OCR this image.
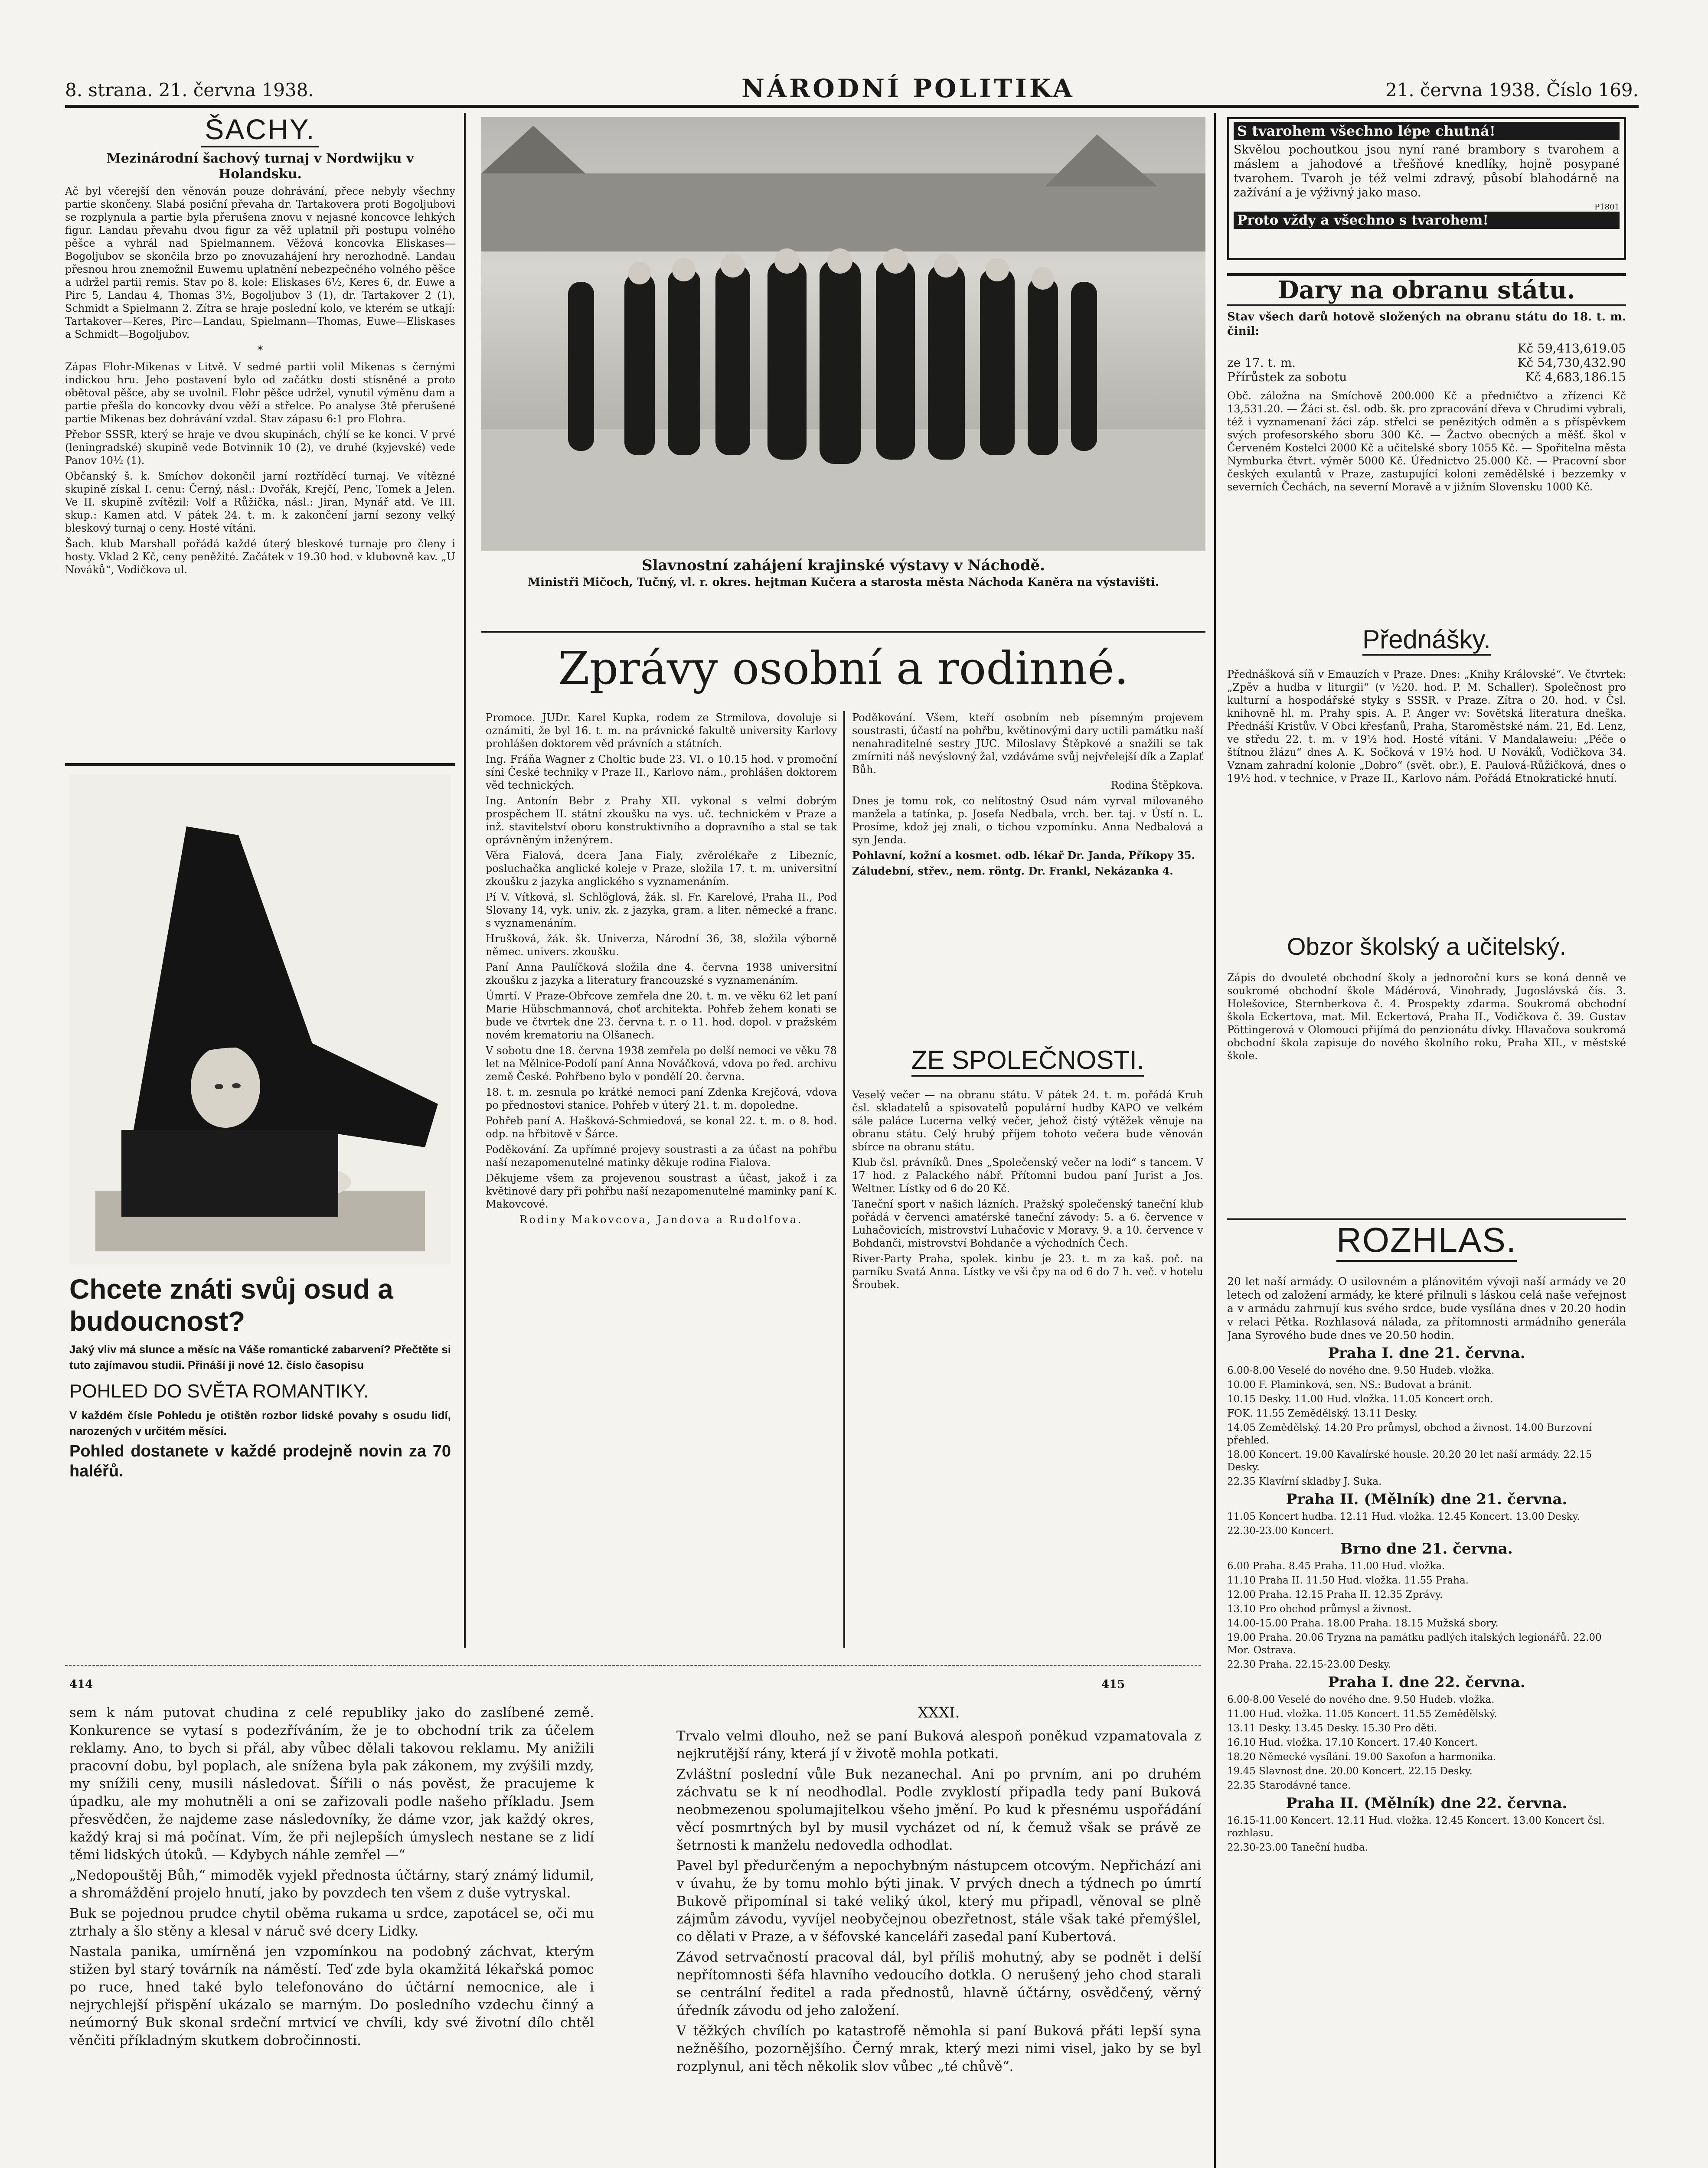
8. strana. 21. června 1938.	NÁRODNÍ POLITIKA	21. června 1938. Číslo 169.
ŠACHY.

Mezinárodní šachový turnaj v Nordwijku v Holandsku.

Ač byl včerejší den věnován pouze dohrávání, přece nebyly všechny partie skončeny. Slabá posiční převaha dr. Tartakovera proti Bogoljubovi se rozplynula a partie byla přerušena znovu v nejasné koncovce lehkých figur. Landau převahu dvou figur za věž uplatnil při postupu volného pěšce a vyhrál nad Spielmannem. Věžová koncovka Eliskases—Bogoljubov se skončila brzo po znovuzahájení hry nerozhodně. Landau přesnou hrou znemožnil Euwemu uplatnění nebezpečného volného pěšce a udržel partii remis. Stav po 8. kole: Eliskases 6½, Keres 6, dr. Euwe a Pirc 5, Landau 4, Thomas 3½, Bogoljubov 3 (1), dr. Tartakover 2 (1), Schmidt a Spielmann 2. Zítra se hraje poslední kolo, ve kterém se utkají: Tartakover—Keres, Pirc—Landau, Spielmann—Thomas, Euwe—Eliskases a Schmidt—Bogoljubov.

*

Zápas Flohr-Mikenas v Litvě. V sedmé partii volil Mikenas s černými indickou hru. Jeho postavení bylo od začátku dosti stísněné a proto obětoval pěšce, aby se uvolnil. Flohr pěšce udržel, vynutil výměnu dam a partie přešla do koncovky dvou věží a střelce. Po analyse 3tě přerušené partie Mikenas bez dohrávání vzdal. Stav zápasu 6:1 pro Flohra.

Přebor SSSR, který se hraje ve dvou skupinách, chýlí se ke konci. V prvé (leningradské) skupině vede Botvinnik 10 (2), ve druhé (kyjevské) vede Panov 10½ (1).

Občanský š. k. Smíchov dokončil jarní roztříděcí turnaj. Ve vítězné skupině získal I. cenu: Černý, násl.: Dvořák, Krejčí, Penc, Tomek a Jelen. Ve II. skupině zvítězil: Volf a Růžička, násl.: Jiran, Mynář atd. Ve III. skup.: Kamen atd. V pátek 24. t. m. k zakončení jarní sezony velký bleskový turnaj o ceny. Hosté vítáni.

Šach. klub Marshall pořádá každé úterý bleskové turnaje pro členy i hosty. Vklad 2 Kč, ceny peněžité. Začátek v 19.30 hod. v klubovně kav. „U Nováků“, Vodičkova ul.

Chcete znáti svůj osud a budoucnost?

Jaký vliv má slunce a měsíc na Váše romantické zabarvení? Přečtěte si tuto zajímavou studii. Přináší ji nové 12. číslo časopisu

POHLED DO SVĚTA ROMANTIKY.

V každém čísle Pohledu je otištěn rozbor lidské povahy s osudu lidí, narozených v určitém měsíci.

Pohled dostanete v každé prodejně novin za 70 haléřů.

Slavnostní zahájení krajinské výstavy v Náchodě.
Ministři Mičoch, Tučný, vl. r. okres. hejtman Kučera a starosta města Náchoda Kaněra na výstavišti.
Zprávy osobní a rodinné.

Promoce. JUDr. Karel Kupka, rodem ze Strmilova, dovoluje si oznámiti, že byl 16. t. m. na právnické fakultě university Karlovy prohlášen doktorem věd právních a státních.

Ing. Fráňa Wagner z Choltic bude 23. VI. o 10.15 hod. v promoční síni České techniky v Praze II., Karlovo nám., prohlášen doktorem věd technických.

Ing. Antonín Bebr z Prahy XII. vykonal s velmi dobrým prospěchem II. státní zkoušku na vys. uč. technickém v Praze a inž. stavitelství oboru konstruktivního a dopravního a stal se tak oprávněným inženýrem.

Věra Fialová, dcera Jana Fialy, zvěrolékaře z Libezníc, posluchačka anglické koleje v Praze, složila 17. t. m. universitní zkoušku z jazyka anglického s vyznamenáním.

Pí V. Vítková, sl. Schlöglová, žák. sl. Fr. Karelové, Praha II., Pod Slovany 14, vyk. univ. zk. z jazyka, gram. a liter. německé a franc. s vyznamenáním.

Hrušková, žák. šk. Univerza, Národní 36, 38, složila výborně němec. univers. zkoušku.

Paní Anna Paulíčková složila dne 4. června 1938 universitní zkoušku z jazyka a literatury francouzské s vyznamenáním.

Úmrtí. V Praze-Obřcove zemřela dne 20. t. m. ve věku 62 let paní Marie Hübschmannová, choť architekta. Pohřeb žehem konati se bude ve čtvrtek dne 23. června t. r. o 11. hod. dopol. v pražském novém krematoriu na Olšanech.

V sobotu dne 18. června 1938 zemřela po delší nemoci ve věku 78 let na Mělnice-Podolí paní Anna Nováčková, vdova po řed. archivu země České. Pohřbeno bylo v pondělí 20. června.

18. t. m. zesnula po krátké nemoci paní Zdenka Krejčová, vdova po přednostovi stanice. Pohřeb v úterý 21. t. m. dopoledne.

Pohřeb paní A. Hašková-Schmiedová, se konal 22. t. m. o 8. hod. odp. na hřbitově v Šárce.

Poděkování. Za upřímné projevy soustrasti a za účast na pohřbu naší nezapomenutelné matinky děkuje rodina Fialova.

Děkujeme všem za projevenou soustrast a účast, jakož i za květinové dary při pohřbu naší nezapomenutelné maminky paní K. Makovcové.

Rodiny Makovcova, Jandova a Rudolfova.

Poděkování. Všem, kteří osobním neb písemným projevem soustrasti, účastí na pohřbu, květinovými dary uctili památku naší nenahraditelné sestry JUC. Miloslavy Štěpkové a snažili se tak zmírniti náš nevýslovný žal, vzdáváme svůj nejvřelejší dík a Zaplať Bůh.

Rodina Štěpkova.

Dnes je tomu rok, co nelítostný Osud nám vyrval milovaného manžela a tatínka, p. Josefa Nedbala, vrch. ber. taj. v Ústí n. L. Prosíme, kdož jej znali, o tichou vzpomínku. Anna Nedbalová a syn Jenda.

Pohlavní, kožní a kosmet. odb. lékař Dr. Janda, Příkopy 35.

Záludební, střev., nem. röntg. Dr. Frankl, Nekázanka 4.

ZE SPOLEČNOSTI.

Veselý večer — na obranu státu. V pátek 24. t. m. pořádá Kruh čsl. skladatelů a spisovatelů populární hudby KAPO ve velkém sále paláce Lucerna velký večer, jehož čistý výtěžek věnuje na obranu státu. Celý hrubý příjem tohoto večera bude věnován sbírce na obranu státu.

Klub čsl. právníků. Dnes „Společenský večer na lodi“ s tancem. V 17 hod. z Palackého nábř. Přítomni budou paní Jurist a Jos. Weltner. Lístky od 6 do 20 Kč.

Taneční sport v našich lázních. Pražský společenský taneční klub pořádá v červenci amatérské taneční závody: 5. a 6. července v Luhačovicích, mistrovství Luhačovic v Moravy. 9. a 10. července v Bohdanči, mistrovství Bohdanče a východních Čech.

River-Party Praha, spolek. kinbu je 23. t. m za kaš. poč. na parníku Svatá Anna. Lístky ve vši čpy na od 6 do 7 h. več. v hotelu Šroubek.

S tvarohem všechno lépe chutná!

Skvělou pochoutkou jsou nyní rané brambory s tvarohem a máslem a jahodové a třešňové knedlíky, hojně posypané tvarohem. Tvaroh je též velmi zdravý, působí blahodárně na zažívání a je výživný jako maso.

P1801
Proto vždy a všechno s tvarohem!
Dary na obranu státu.

Stav všech darů hotově složených na obranu státu do 18. t. m. činil:

Kč 59,413,619.05
ze 17. t. m.	Kč 54,730,432.90
Přírůstek za sobotu	Kč 4,683,186.15

Obč. záložna na Smíchově 200.000 Kč a předničtvo a zřízenci Kč 13,531.20. — Žáci st. čsl. odb. šk. pro zpracování dřeva v Chrudimi vybrali, též i vyznamenaní žáci záp. střelci se penězitých odměn a s příspěvkem svých profesorského sboru 300 Kč. — Žactvo obecných a měšť. škol v Červeném Kostelci 2000 Kč a učitelské sbory 1055 Kč. — Spořitelna města Nymburka čtvrt. výměr 5000 Kč. Úřednictvo 25.000 Kč. — Pracovní sbor českých exulantů v Praze, zastupující koloni zemědělské i bezzemky v severních Čechách, na severní Moravě a v jižním Slovensku 1000 Kč.

Přednášky.

Přednášková síň v Emauzích v Praze. Dnes: „Knihy Královské“. Ve čtvrtek: „Zpěv a hudba v liturgii“ (v ½20. hod. P. M. Schaller). Společnost pro kulturní a hospodářské styky s SSSR. v Praze. Zítra o 20. hod. v Čsl. knihovně hl. m. Prahy spis. A. P. Anger vv: Sovětská literatura dneška. Přednáší Kristův. V Obci křesťanů, Praha, Staroměstské nám. 21, Ed. Lenz, ve středu 22. t. m. v 19½ hod. Hosté vítáni. V Mandalaweiu: „Péče o štítnou žlázu“ dnes A. K. Sočková v 19½ hod. U Nováků, Vodičkova 34. Vznam zahradní kolonie „Dobro“ (svět. obr.), E. Paulová-Růžičková, dnes o 19½ hod. v technice, v Praze II., Karlovo nám. Pořádá Etnokratické hnutí.

Obzor školský a učitelský.

Zápis do dvouleté obchodní školy a jednoroční kurs se koná denně ve soukromé obchodní škole Mádérová, Vinohrady, Jugoslávská čís. 3. Holešovice, Sternberkova č. 4. Prospekty zdarma. Soukromá obchodní škola Eckertova, mat. Mil. Eckertová, Praha II., Vodičkova č. 39. Gustav Pöttingerová v Olomouci přijímá do penzionátu dívky. Hlavačova soukromá obchodní škola zapisuje do nového školního roku, Praha XII., v městské škole.

ROZHLAS.

20 let naší armády. O usilovném a plánovitém vývoji naší armády ve 20 letech od založení armády, ke které přilnuli s láskou celá naše veřejnost a v armádu zahrnují kus svého srdce, bude vysílána dnes v 20.20 hodin v relaci Pětka. Rozhlasová nálada, za přítomnosti armádního generála Jana Syrového bude dnes ve 20.50 hodin.

Praha I. dne 21. června.

6.00-8.00 Veselé do nového dne. 9.50 Hudeb. vložka.

10.00 F. Plaminková, sen. NS.: Budovat a bránit.

10.15 Desky. 11.00 Hud. vložka. 11.05 Koncert orch.

FOK. 11.55 Zemědělský. 13.11 Desky.

14.05 Zemědělský. 14.20 Pro průmysl, obchod a živnost. 14.00 Burzovní přehled.

18.00 Koncert. 19.00 Kavalírské housle. 20.20 20 let naší armády. 22.15 Desky.

22.35 Klavírní skladby J. Suka.

Praha II. (Mělník) dne 21. června.

11.05 Koncert hudba. 12.11 Hud. vložka. 12.45 Koncert. 13.00 Desky.

22.30-23.00 Koncert.

Brno dne 21. června.

6.00 Praha. 8.45 Praha. 11.00 Hud. vložka.

11.10 Praha II. 11.50 Hud. vložka. 11.55 Praha.

12.00 Praha. 12.15 Praha II. 12.35 Zprávy.

13.10 Pro obchod průmysl a živnost.

14.00-15.00 Praha. 18.00 Praha. 18.15 Mužská sbory.

19.00 Praha. 20.06 Tryzna na památku padlých italských legionářů. 22.00 Mor. Ostrava.

22.30 Praha. 22.15-23.00 Desky.

Praha I. dne 22. června.

6.00-8.00 Veselé do nového dne. 9.50 Hudeb. vložka.

11.00 Hud. vložka. 11.05 Koncert. 11.55 Zemědělský.

13.11 Desky. 13.45 Desky. 15.30 Pro děti.

16.10 Hud. vložka. 17.10 Koncert. 17.40 Koncert.

18.20 Německé vysílání. 19.00 Saxofon a harmonika.

19.45 Slavnost dne. 20.00 Koncert. 22.15 Desky.

22.35 Starodávné tance.

Praha II. (Mělník) dne 22. června.

16.15-11.00 Koncert. 12.11 Hud. vložka. 12.45 Koncert. 13.00 Koncert čsl. rozhlasu.

22.30-23.00 Taneční hudba.

414	415

sem k nám putovat chudina z celé republiky jako do zaslíbené země. Konkurence se vytasí s podezříváním, že je to obchodní trik za účelem reklamy. Ano, to bych si přál, aby vůbec dělali takovou reklamu. My anižili pracovní dobu, byl poplach, ale snížena byla pak zákonem, my zvýšili mzdy, my snížili ceny, musili následovat. Šířili o nás pověst, že pracujeme k úpadku, ale my mohutněli a oni se zařizovali podle našeho příkladu. Jsem přesvědčen, že najdeme zase následovníky, že dáme vzor, jak každý okres, každý kraj si má počínat. Vím, že při nejlepších úmyslech nestane se z lidí těmi lidských útoků. — Kdybych náhle zemřel —“

„Nedopouštěj Bůh,“ mimoděk vyjekl přednosta účtárny, starý známý lidumil, a shromáždění projelo hnutí, jako by povzdech ten všem z duše vytryskal.

Buk se pojednou prudce chytil oběma rukama u srdce, zapotácel se, oči mu ztrhaly a šlo stěny a klesal v náruč své dcery Lidky.

Nastala panika, umírněná jen vzpomínkou na podobný záchvat, kterým stižen byl starý továrník na náměstí. Teď zde byla okamžitá lékařská pomoc po ruce, hned také bylo telefonováno do účtární nemocnice, ale i nejrychlejší přispění ukázalo se marným. Do posledního vzdechu činný a neúmorný Buk skonal srdeční mrtvicí ve chvíli, kdy své životní dílo chtěl věnčiti příkladným skutkem dobročinnosti.

XXXI.

Trvalo velmi dlouho, než se paní Buková alespoň poněkud vzpamatovala z nejkrutější rány, která jí v životě mohla potkati.

Zvláštní poslední vůle Buk nezanechal. Ani po prvním, ani po druhém záchvatu se k ní neodhodlal. Podle zvyklostí připadla tedy paní Buková neobmezenou spolumajitelkou všeho jmění. Po kud k přesnému uspořádání věcí posmrtných byl by musil vycházet od ní, k čemuž však se právě ze šetrnosti k manželu nedovedla odhodlat.

Pavel byl předurčeným a nepochybným nástupcem otcovým. Nepřichází ani v úvahu, že by tomu mohlo býti jinak. V prvých dnech a týdnech po úmrtí Bukově připomínal si také veliký úkol, který mu připadl, věnoval se plně zájmům závodu, vyvíjel neobyčejnou obezřetnost, stále však také přemýšlel, co dělati v Praze, a v šéfovské kanceláři zasedal paní Kubertová.

Závod setrvačností pracoval dál, byl příliš mohutný, aby se podnět i delší nepřítomnosti šéfa hlavního vedoucího dotkla. O nerušený jeho chod starali se centrální ředitel a rada přednostů, hlavně účtárny, osvědčený, věrný úředník závodu od jeho založení.

V těžkých chvílích po katastrofě němohla si paní Buková přáti lepší syna nežněšího, pozornějšího. Černý mrak, který mezi nimi visel, jako by se byl rozplynul, ani těch několik slov vůbec „té chůvě“.
